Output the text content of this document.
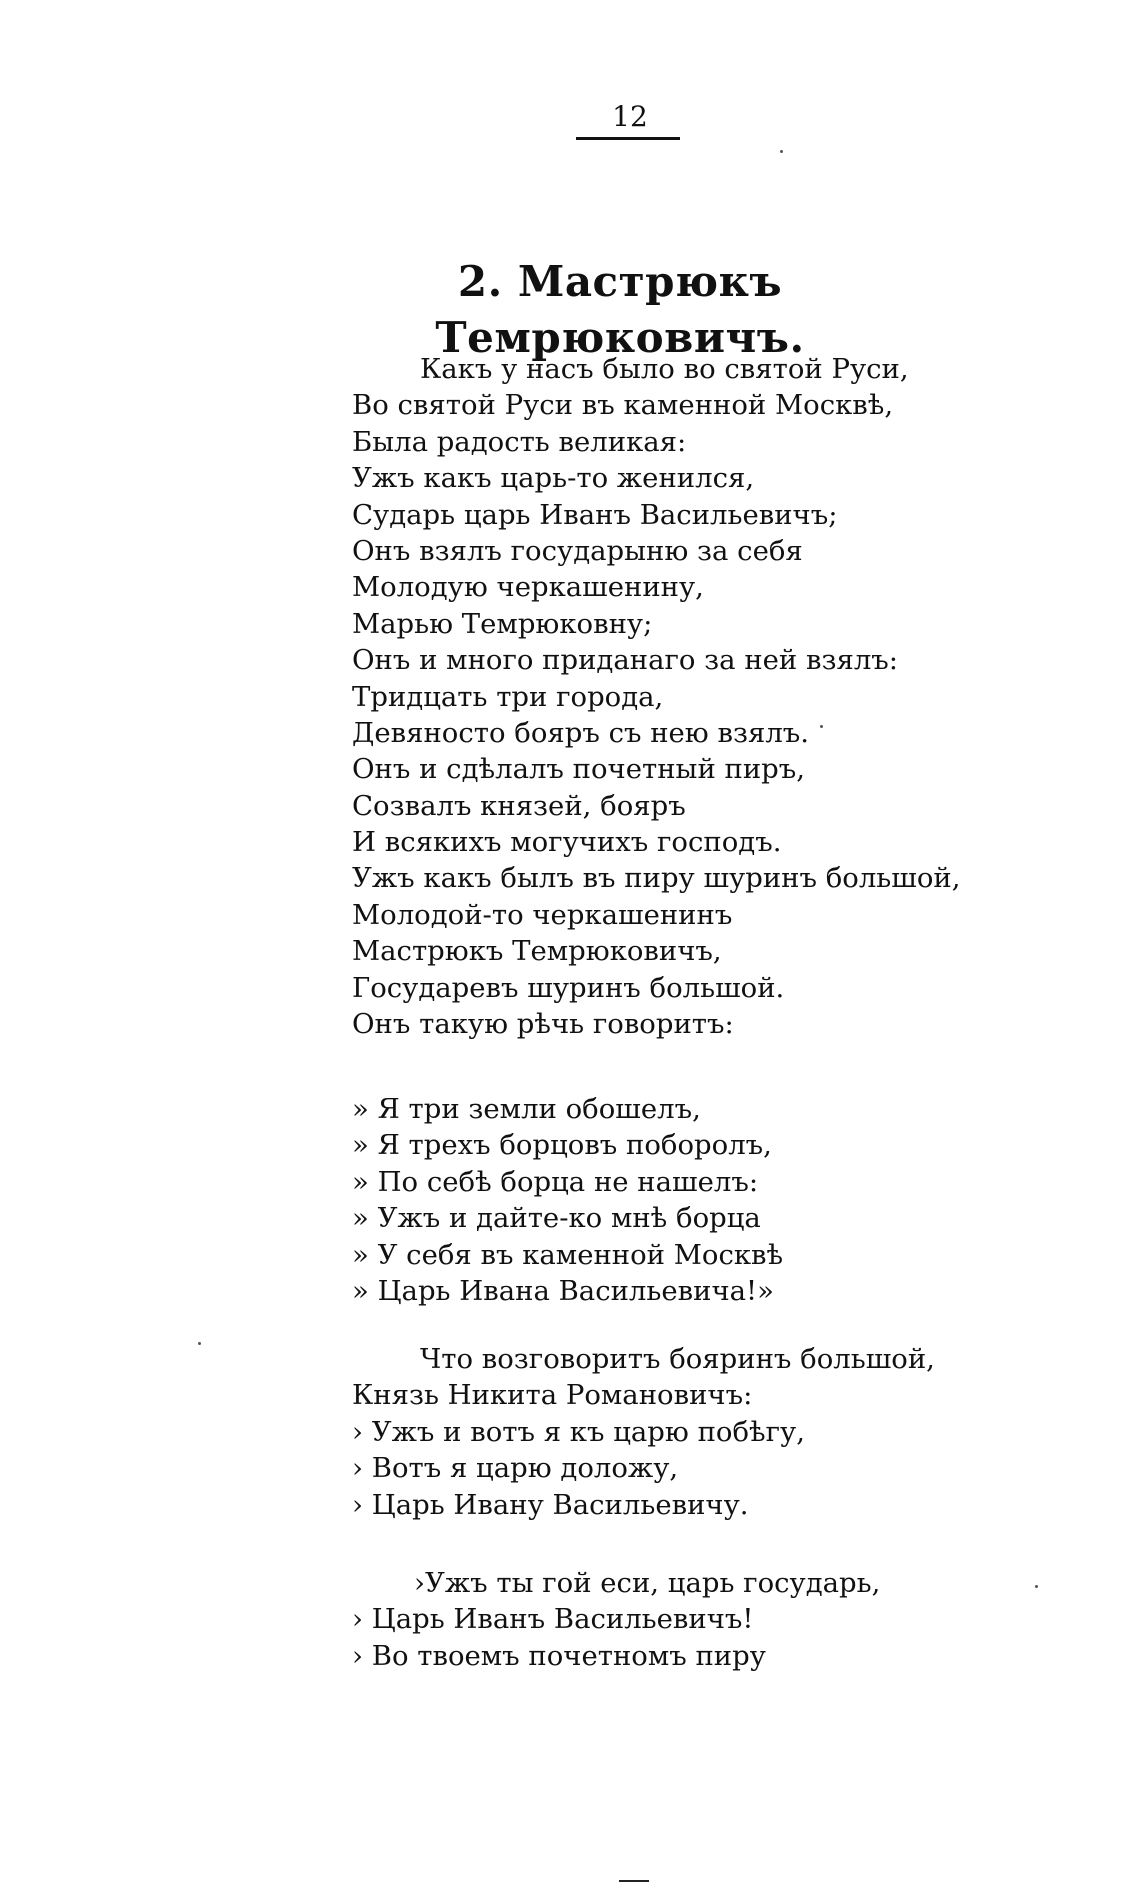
12
2. Мастрюкъ Темрюковичъ.
Какъ у насъ было во святой Руси,
Во святой Руси въ каменной Москвѣ,
Была радость великая:
Ужъ какъ царь-то женился,
Сударь царь Иванъ Васильевичъ;
Онъ взялъ государыню за себя
Молодую черкашенину,
Марью Темрюковну;
Онъ и много приданаго за ней взялъ:
Тридцать три города,
Девяносто бояръ съ нею взялъ.
Онъ и сдѣлалъ почетный пиръ,
Созвалъ князей, бояръ
И всякихъ могучихъ господъ.
Ужъ какъ былъ въ пиру шуринъ большой,
Молодой-то черкашенинъ
Мастрюкъ Темрюковичъ,
Государевъ шуринъ большой.
Онъ такую рѣчь говоритъ:
» Я три земли обошелъ,
» Я трехъ борцовъ поборолъ,
» По себѣ борца не нашелъ:
» Ужъ и дайте-ко мнѣ борца
» У себя въ каменной Москвѣ
» Царь Ивана Васильевича!»
Что возговоритъ бояринъ большой,
Князь Никита Романовичъ:
› Ужъ и вотъ я къ царю побѣгу,
› Вотъ я царю доложу,
› Царь Ивану Васильевичу.
›Ужъ ты гой еси, царь государь,
› Царь Иванъ Васильевичъ!
› Во твоемъ почетномъ пиру
